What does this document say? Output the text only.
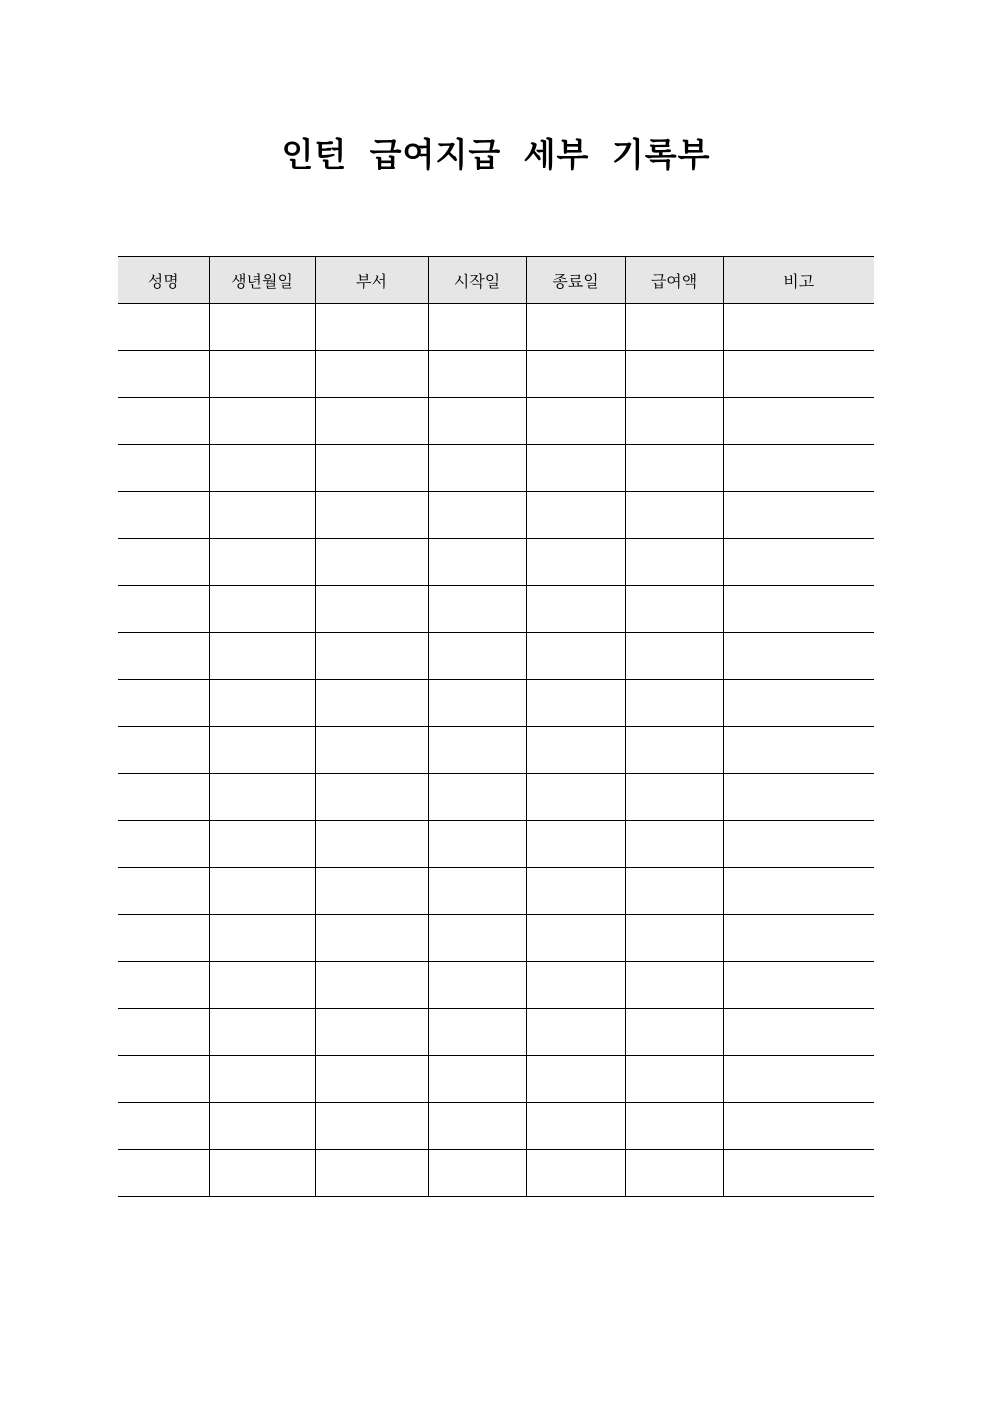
인턴 급여지급 세부 기록부
성명	생년월일	부서	시작일	종료일	급여액	비고
